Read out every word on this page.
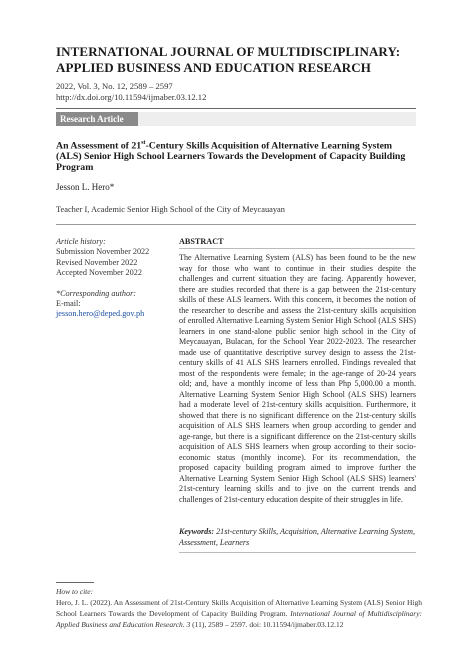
INTERNATIONAL JOURNAL OF MULTIDISCIPLINARY: APPLIED BUSINESS AND EDUCATION RESEARCH
2022, Vol. 3, No. 12, 2589 – 2597
http://dx.doi.org/10.11594/ijmaber.03.12.12
Research Article
An Assessment of 21st-Century Skills Acquisition of Alternative Learning System (ALS) Senior High School Learners Towards the Development of Capacity Building Program
Jesson L. Hero*
Teacher I, Academic Senior High School of the City of Meycauayan
Article history:
Submission November 2022
Revised November 2022
Accepted November 2022
*Corresponding author:
E-mail:
jesson.hero@deped.gov.ph
ABSTRACT
The Alternative Learning System (ALS) has been found to be the new way for those who want to continue in their studies despite the challenges and current situation they are facing. Apparently however, there are studies recorded that there is a gap between the 21st-century skills of these ALS learners. With this concern, it becomes the notion of the researcher to describe and assess the 21st-century skills acquisition of enrolled Alternative Learning System Senior High School (ALS SHS) learners in one stand-alone public senior high school in the City of Meycauayan, Bulacan, for the School Year 2022-2023. The researcher made use of quantitative descriptive survey design to assess the 21st-century skills of 41 ALS SHS learners enrolled. Findings revealed that most of the respondents were female; in the age-range of 20-24 years old; and, have a monthly income of less than Php 5,000.00 a month. Alternative Learning System Senior High School (ALS SHS) learners had a moderate level of 21st-century skills acquisition. Furthermore, it showed that there is no significant difference on the 21st-century skills acquisition of ALS SHS learners when group according to gender and age-range, but there is a significant difference on the 21st-century skills acquisition of ALS SHS learners when group according to their socio-economic status (monthly income). For its recommendation, the proposed capacity building program aimed to improve further the Alternative Learning System Senior High School (ALS SHS) learners' 21st-century learning skills and to jive on the current trends and challenges of 21st-century education despite of their struggles in life.
Keywords: 21st-century Skills, Acquisition, Alternative Learning System, Assessment, Learners
How to cite:
Hero, J. L. (2022). An Assessment of 21st-Century Skills Acquisition of Alternative Learning System (ALS) Senior High School Learners Towards the Development of Capacity Building Program. International Journal of Multidisciplinary: Applied Business and Education Research. 3 (11), 2589 – 2597. doi: 10.11594/ijmaber.03.12.12
